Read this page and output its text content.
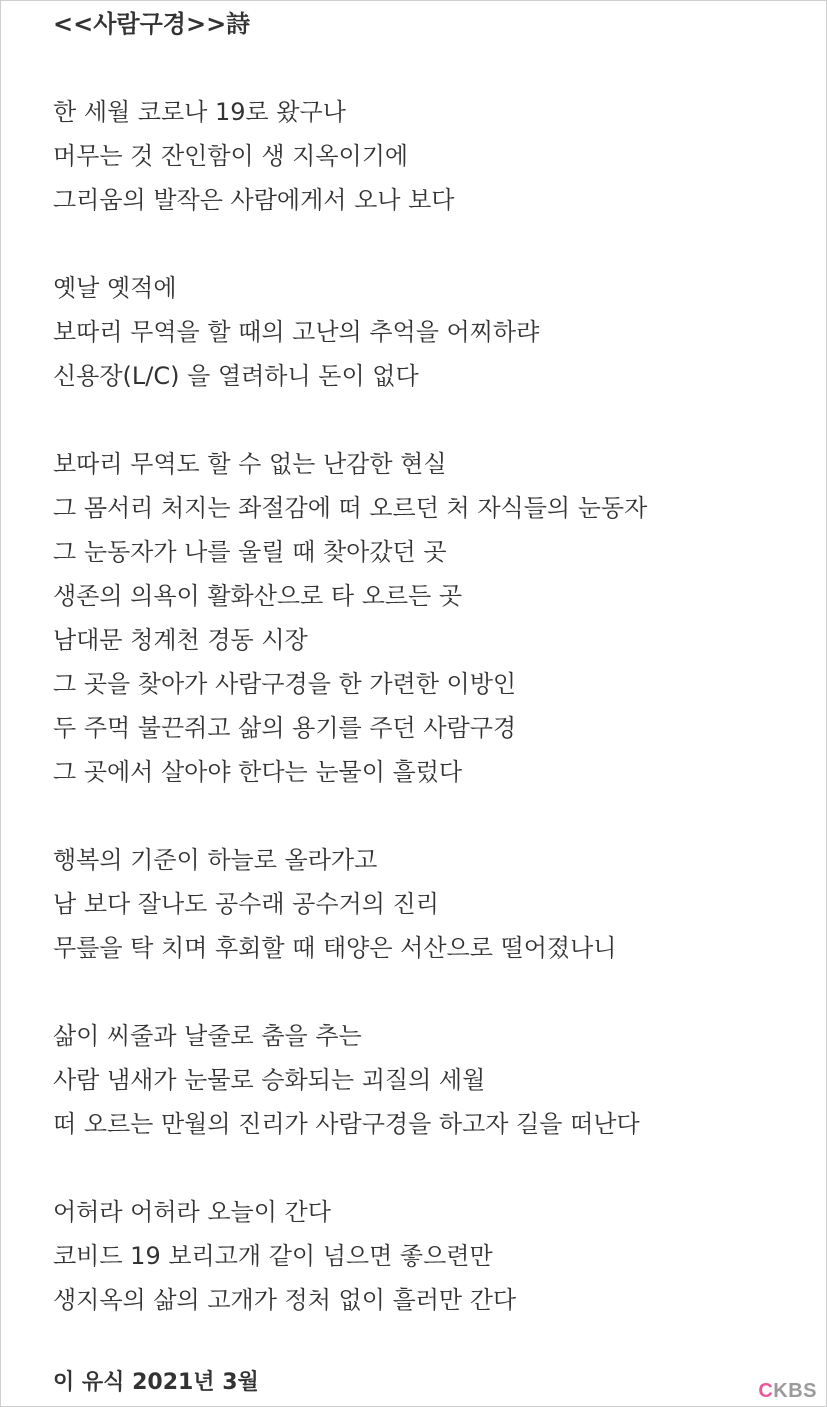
<<사람구경>>詩
한 세월 코로나 19로 왔구나
머무는 것 잔인함이 생 지옥이기에
그리움의 발작은 사람에게서 오나 보다
옛날 옛적에
보따리 무역을 할 때의 고난의 추억을 어찌하랴
신용장(L/C) 을 열려하니 돈이 없다
보따리 무역도 할 수 없는 난감한 현실
그 몸서리 처지는 좌절감에 떠 오르던 처 자식들의 눈동자
그 눈동자가 나를 울릴 때 찾아갔던 곳
생존의 의욕이 활화산으로 타 오르든 곳
남대문 청계천 경동 시장
그 곳을 찾아가 사람구경을 한 가련한 이방인
두 주먹 불끈쥐고 삶의 용기를 주던 사람구경
그 곳에서 살아야 한다는 눈물이 흘렀다
행복의 기준이 하늘로 올라가고
남 보다 잘나도 공수래 공수거의 진리
무릎을 탁 치며 후회할 때 태양은 서산으로 떨어졌나니
삶이 씨줄과 날줄로 춤을 추는
사람 냄새가 눈물로 승화되는 괴질의 세월
떠 오르는 만월의 진리가 사람구경을 하고자 길을 떠난다
어허라 어허라 오늘이 간다
코비드 19 보리고개 같이 넘으면 좋으련만
생지옥의 삶의 고개가 정처 없이 흘러만 간다
이 유식 2021년 3월	CKBS
